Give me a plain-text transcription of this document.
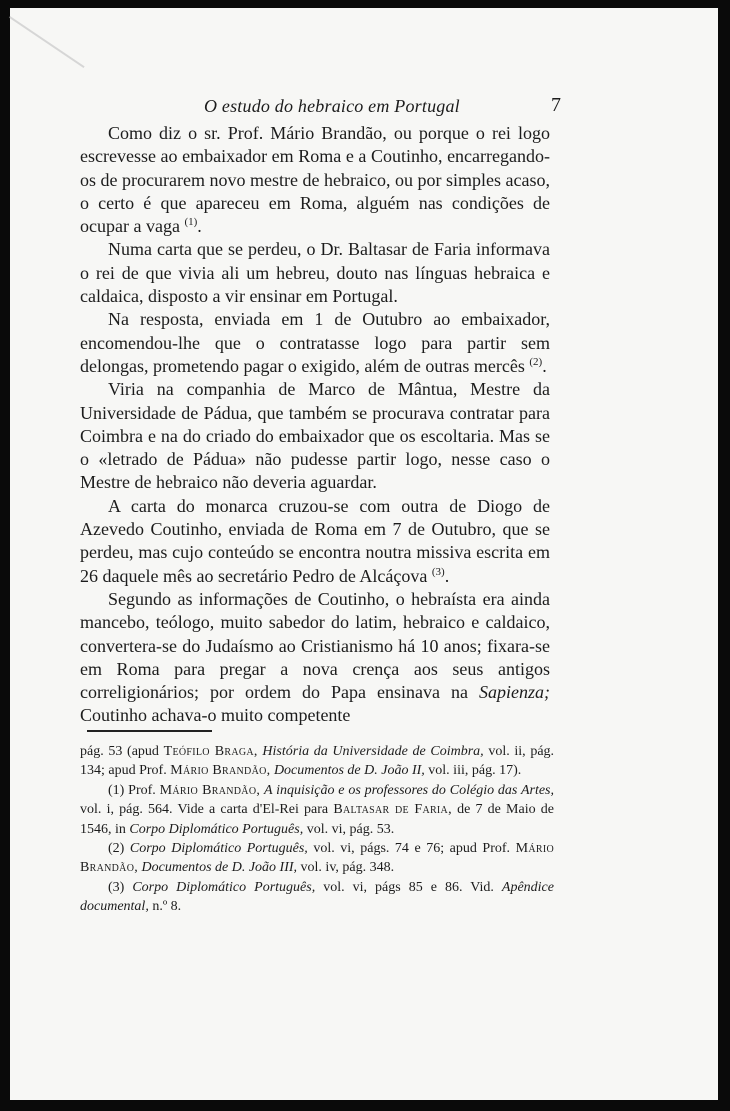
O estudo do hebraico em Portugal	7

Como diz o sr. Prof. Mário Brandão, ou porque o rei logo escrevesse ao embaixador em Roma e a Coutinho, encarregando-os de procurarem novo mestre de hebraico, ou por simples acaso, o certo é que apareceu em Roma, alguém nas condições de ocupar a vaga $^{(1)}$.

Numa carta que se perdeu, o Dr. Baltasar de Faria informava o rei de que vivia ali um hebreu, douto nas línguas hebraica e caldaica, disposto a vir ensinar em Portugal.

Na resposta, enviada em 1 de Outubro ao embaixador, encomendou-lhe que o contratasse logo para partir sem delongas, prometendo pagar o exigido, além de outras mercês $^{(2)}$.

Viria na companhia de Marco de Mântua, Mestre da Universidade de Pádua, que também se procurava contratar para Coimbra e na do criado do embaixador que os escoltaria. Mas se o «letrado de Pádua» não pudesse partir logo, nesse caso o Mestre de hebraico não deveria aguardar.

A carta do monarca cruzou-se com outra de Diogo de Azevedo Coutinho, enviada de Roma em 7 de Outubro, que se perdeu, mas cujo conteúdo se encontra noutra missiva escrita em 26 daquele mês ao secretário Pedro de Alcáçova $^{(3)}$.

Segundo as informações de Coutinho, o hebraísta era ainda mancebo, teólogo, muito sabedor do latim, hebraico e caldaico, convertera-se do Judaísmo ao Cristianismo há 10 anos; fixara-se em Roma para pregar a nova crença aos seus antigos correligionários; por ordem do Papa ensinava na Sapienza; Coutinho achava-o muito competente

pág. 53 (apud Teófilo Braga, História da Universidade de Coimbra, vol. ii, pág. 134; apud Prof. Mário Brandão, Documentos de D. João II, vol. iii, pág. 17).

(1) Prof. Mário Brandão, A inquisição e os professores do Colégio das Artes, vol. i, pág. 564. Vide a carta d'El-Rei para Baltasar de Faria, de 7 de Maio de 1546, in Corpo Diplomático Português, vol. vi, pág. 53.

(2) Corpo Diplomático Português, vol. vi, págs. 74 e 76; apud Prof. Mário Brandão, Documentos de D. João III, vol. iv, pág. 348.

(3) Corpo Diplomático Português, vol. vi, págs 85 e 86. Vid. Apêndice documental, n.º 8.
